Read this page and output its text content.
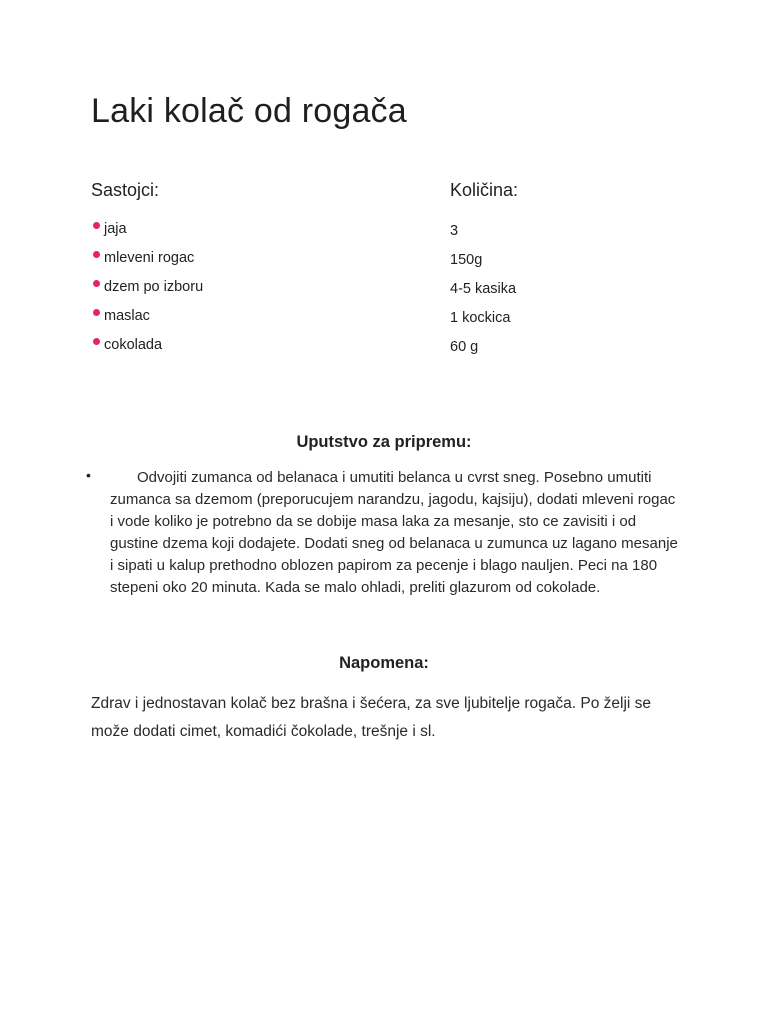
Laki kolač od rogača
Sastojci:	Količina:
jaja
mleveni rogac
dzem po izboru
maslac
cokolada
3
150g
4-5 kasika
1 kockica
60 g
Uputstvo za pripremu:
•	Odvojiti zumanca od belanaca i umutiti belanca u cvrst sneg. Posebno umutiti zumanca sa dzemom (preporucujem narandzu, jagodu, kajsiju), dodati mleveni rogac i vode koliko je potrebno da se dobije masa laka za mesanje, sto ce zavisiti i od gustine dzema koji dodajete. Dodati sneg od belanaca u zumunca uz lagano mesanje i sipati u kalup prethodno oblozen papirom za pecenje i blago nauljen. Peci na 180 stepeni oko 20 minuta. Kada se malo ohladi, preliti glazurom od cokolade.
Napomena:
Zdrav i jednostavan kolač bez brašna i šećera, za sve ljubitelje rogača. Po želji se može dodati cimet, komadići čokolade, trešnje i sl.
